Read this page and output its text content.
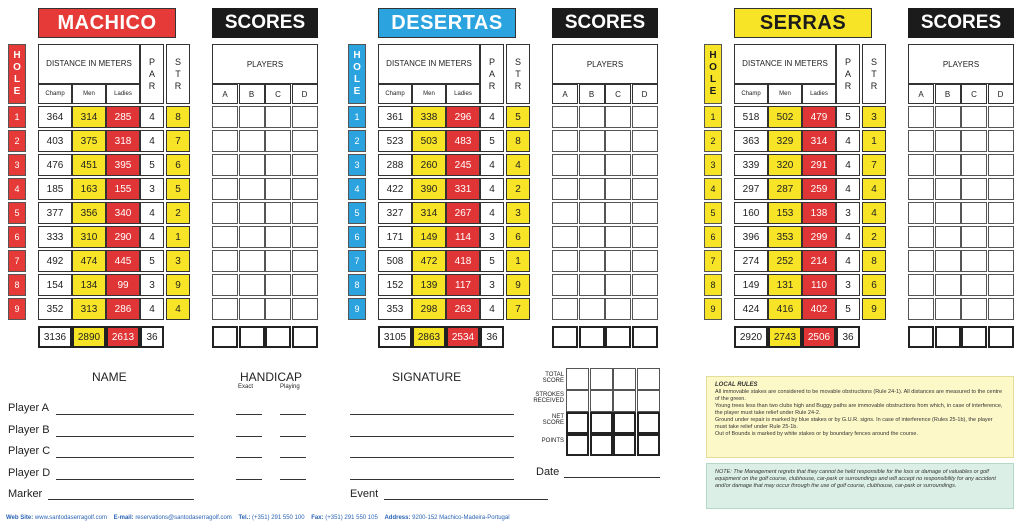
MACHICO	SCORES
H
O
L
E
DISTANCE IN METERS	P
A
R
S
T
R
Champ	Men	Ladies
PLAYERS
A	B	C	D
1	364	314	285	4	8
2	403	375	318	4	7
3	476	451	395	5	6
4	185	163	155	3	5
5	377	356	340	4	2
6	333	310	290	4	1
7	492	474	445	5	3
8	154	134	99	3	9
9	352	313	286	4	4
3136	2890	2613	36
DESERTAS	SCORES
H
O
L
E
DISTANCE IN METERS	P
A
R
S
T
R
Champ	Men	Ladies
PLAYERS
A	B	C	D
1	361	338	296	4	5
2	523	503	483	5	8
3	288	260	245	4	4
4	422	390	331	4	2
5	327	314	267	4	3
6	171	149	114	3	6
7	508	472	418	5	1
8	152	139	117	3	9
9	353	298	263	4	7
3105	2863	2534	36
SERRAS	SCORES
H
O
L
E
DISTANCE IN METERS	P
A
R
S
T
R
Champ	Men	Ladies
PLAYERS
A	B	C	D
1	518	502	479	5	3
2	363	329	314	4	1
3	339	320	291	4	7
4	297	287	259	4	4
5	160	153	138	3	4
6	396	353	299	4	2
7	274	252	214	4	8
8	149	131	110	3	6
9	424	416	402	5	9
2920	2743	2506	36
NAME	HANDICAP
Exact	Playing
SIGNATURE
Player A
Player B
Player C
Player D
Marker	Event
Date
TOTAL SCORE
STROKES RECEIVED
NET SCORE
POINTS
LOCAL RULES
All immovable stakes are considered to be movable obstructions (Rule 24-1). All distances are measured to the centre of the green.
Young trees less than two clubs high and Buggy paths are immovable obstructions from which, in case of interference, the player must take relief under Rule 24-2.
Ground under repair is marked by blue stakes or by G.U.R. signs. In case of interference (Rules 25-1b), the player must take relief under Rule 25-1b.
Out of Bounds is marked by white stakes or by boundary fences around the course.
NOTE: The Management regrets that they cannot be held responsible for the loss or damage of valuables or golf equipment on the golf course, clubhouse, car-park or surroundings and will accept no responsibility for any accident and/or damage that may occur through the use of golf course, clubhouse, car-park or surroundings.
Web Site: www.santodaserragolf.com E-mail: reservations@santodaserragolf.com Tel.: (+351) 291 550 100 Fax: (+351) 291 550 105 Address: 9200-152 Machico-Madeira-Portugal
